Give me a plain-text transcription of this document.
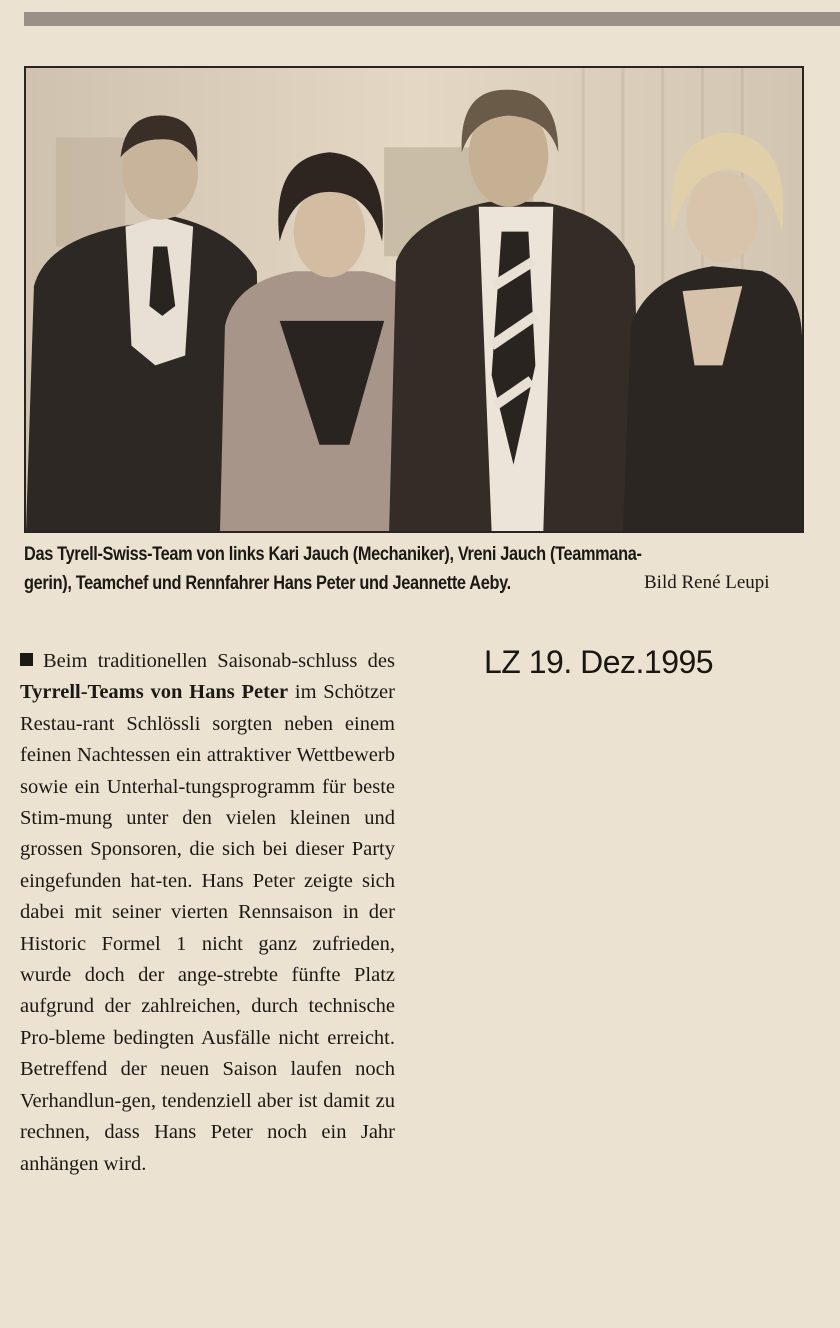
Das Tyrell-Swiss-Team von links Kari Jauch (Mechaniker), Vreni Jauch (Teammana-
gerin), Teamchef und Rennfahrer Hans Peter und Jeannette Aeby.	Bild René Leupi
Beim traditionellen Saisonab-schluss des Tyrrell-Teams von Hans Peter im Schötzer Restau-rant Schlössli sorgten neben einem feinen Nachtessen ein attraktiver Wettbewerb sowie ein Unterhal-tungsprogramm für beste Stim-mung unter den vielen kleinen und grossen Sponsoren, die sich bei dieser Party eingefunden hat-ten. Hans Peter zeigte sich dabei mit seiner vierten Rennsaison in der Historic Formel 1 nicht ganz zufrieden, wurde doch der ange-strebte fünfte Platz aufgrund der zahlreichen, durch technische Pro-bleme bedingten Ausfälle nicht erreicht. Betreffend der neuen Saison laufen noch Verhandlun-gen, tendenziell aber ist damit zu rechnen, dass Hans Peter noch ein Jahr anhängen wird.
LZ 19. Dez.1995
